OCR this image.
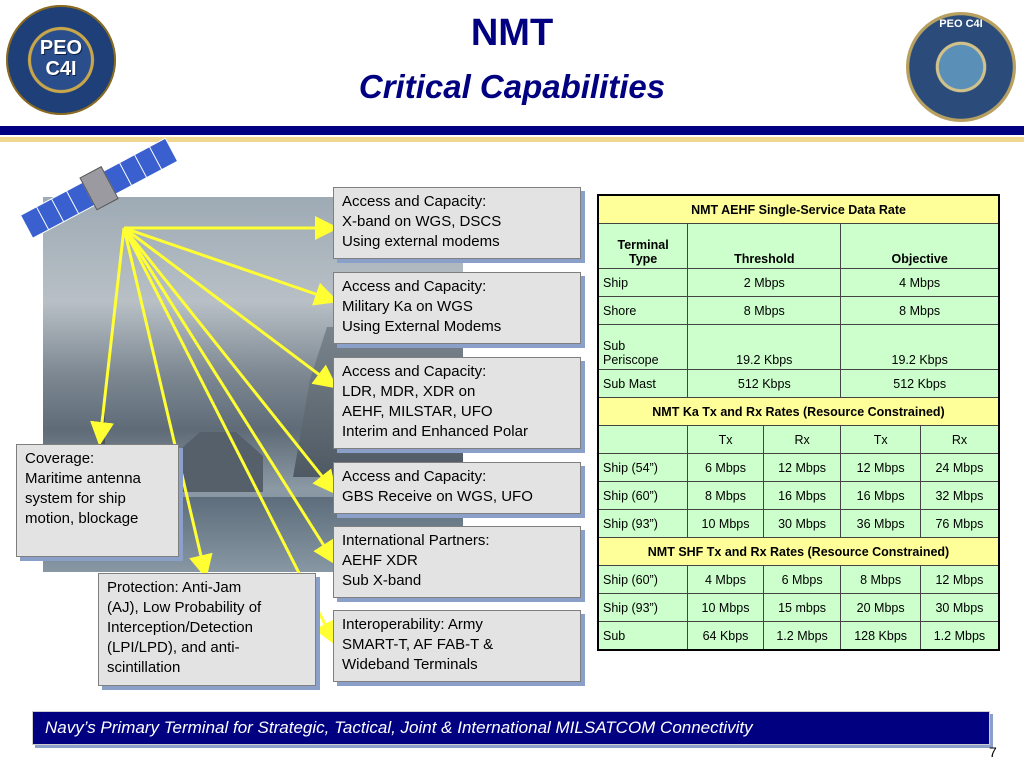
PEO C4I
PEO C4I
NMT
Critical Capabilities
Access and Capacity:
X-band on WGS, DSCS
Using external modems
Access and Capacity:
Military Ka on WGS
Using External Modems
Access and Capacity:
LDR, MDR, XDR on
AEHF, MILSTAR, UFO
Interim and Enhanced Polar
Access and Capacity:
GBS Receive on WGS, UFO
International Partners:
AEHF XDR
Sub X-band
Interoperability: Army
SMART-T, AF FAB-T &
Wideband Terminals
Coverage:
Maritime antenna
system for ship
motion, blockage
Protection: Anti-Jam
(AJ), Low Probability of
Interception/Detection
(LPI/LPD), and anti-
scintillation
NMT AEHF Single-Service Data Rate				
Terminal Type	Threshold		Objective	
Ship	2 Mbps		4 Mbps	
Shore	8 Mbps		8 Mbps	
Sub Periscope	19.2 Kbps		19.2 Kbps	
Sub Mast	512 Kbps		512 Kbps	
NMT Ka Tx and Rx Rates (Resource Constrained)				
	Tx	Rx	Tx	Rx
Ship (54”)	6 Mbps	12 Mbps	12 Mbps	24 Mbps
Ship (60”)	8 Mbps	16 Mbps	16 Mbps	32 Mbps
Ship (93”)	10 Mbps	30 Mbps	36 Mbps	76 Mbps
NMT SHF Tx and Rx Rates (Resource Constrained)				
Ship (60”)	4 Mbps	6 Mbps	8 Mbps	12 Mbps
Ship (93”)	10 Mbps	15 mbps	20 Mbps	30 Mbps
Sub	64 Kbps	1.2 Mbps	128 Kbps	1.2 Mbps
Navy’s Primary Terminal for Strategic, Tactical, Joint & International MILSATCOM Connectivity
7
